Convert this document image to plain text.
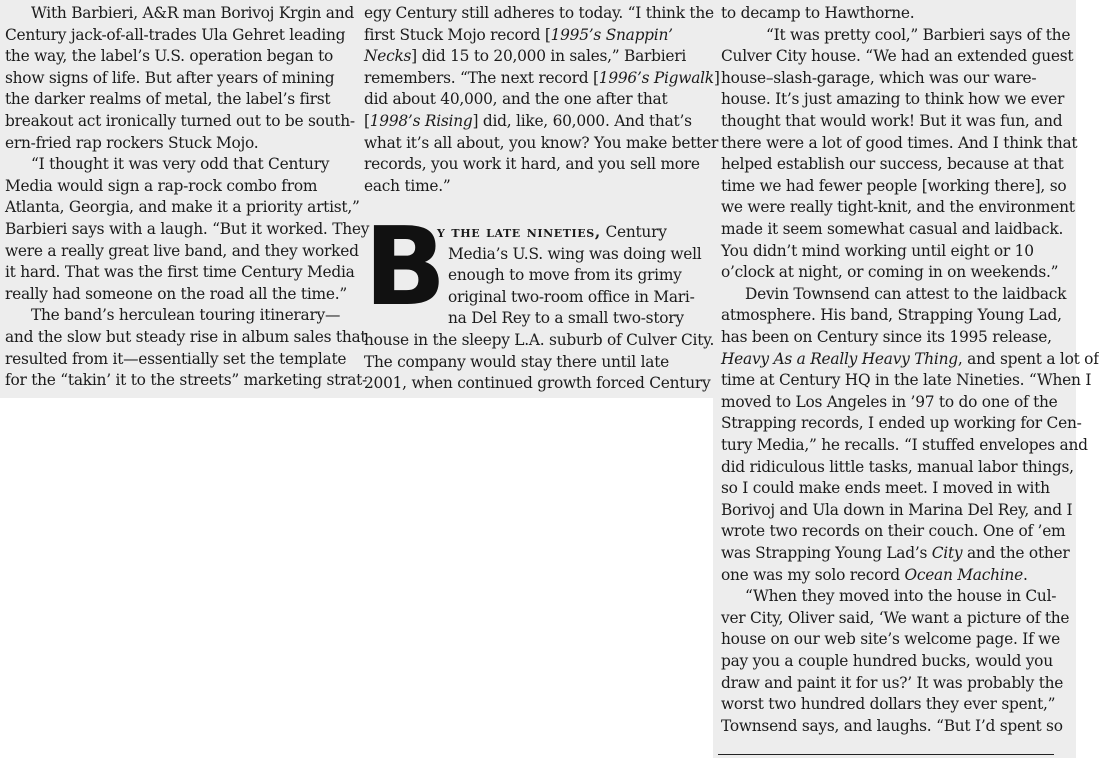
With Barbieri, A&R man Borivoj Krgin and
Century jack-of-all-trades Ula Gehret leading
the way, the label’s U.S. operation began to
show signs of life. But after years of mining
the darker realms of metal, the label’s first
breakout act ironically turned out to be south-
ern-fried rap rockers Stuck Mojo.
“I thought it was very odd that Century
Media would sign a rap-rock combo from
Atlanta, Georgia, and make it a priority artist,”
Barbieri says with a laugh. “But it worked. They
were a really great live band, and they worked
it hard. That was the first time Century Media
really had someone on the road all the time.”
The band’s herculean touring itinerary—
and the slow but steady rise in album sales that
resulted from it—essentially set the template
for the “takin’ it to the streets” marketing strat-
egy Century still adheres to today. “I think the
first Stuck Mojo record [1995’s Snappin’
Necks] did 15 to 20,000 in sales,” Barbieri
remembers. “The next record [1996’s Pigwalk]
did about 40,000, and the one after that
[1998’s Rising] did, like, 60,000. And that’s
what it’s all about, you know? You make better
records, you work it hard, and you sell more
each time.”
B
y the late nineties, Century
Media’s U.S. wing was doing well
enough to move from its grimy
original two-room office in Mari-
na Del Rey to a small two-story
house in the sleepy L.A. suburb of Culver City.
The company would stay there until late
2001, when continued growth forced Century
to decamp to Hawthorne.
“It was pretty cool,” Barbieri says of the
Culver City house. “We had an extended guest
house–slash-garage, which was our ware-
house. It’s just amazing to think how we ever
thought that would work! But it was fun, and
there were a lot of good times. And I think that
helped establish our success, because at that
time we had fewer people [working there], so
we were really tight-knit, and the environment
made it seem somewhat casual and laidback.
You didn’t mind working until eight or 10
o’clock at night, or coming in on weekends.”
Devin Townsend can attest to the laidback
atmosphere. His band, Strapping Young Lad,
has been on Century since its 1995 release,
Heavy As a Really Heavy Thing, and spent a lot of
time at Century HQ in the late Nineties. “When I
moved to Los Angeles in ’97 to do one of the
Strapping records, I ended up working for Cen-
tury Media,” he recalls. “I stuffed envelopes and
did ridiculous little tasks, manual labor things,
so I could make ends meet. I moved in with
Borivoj and Ula down in Marina Del Rey, and I
wrote two records on their couch. One of ’em
was Strapping Young Lad’s City and the other
one was my solo record Ocean Machine.
“When they moved into the house in Cul-
ver City, Oliver said, ‘We want a picture of the
house on our web site’s welcome page. If we
pay you a couple hundred bucks, would you
draw and paint it for us?’ It was probably the
worst two hundred dollars they ever spent,”
Townsend says, and laughs. “But I’d spent so
